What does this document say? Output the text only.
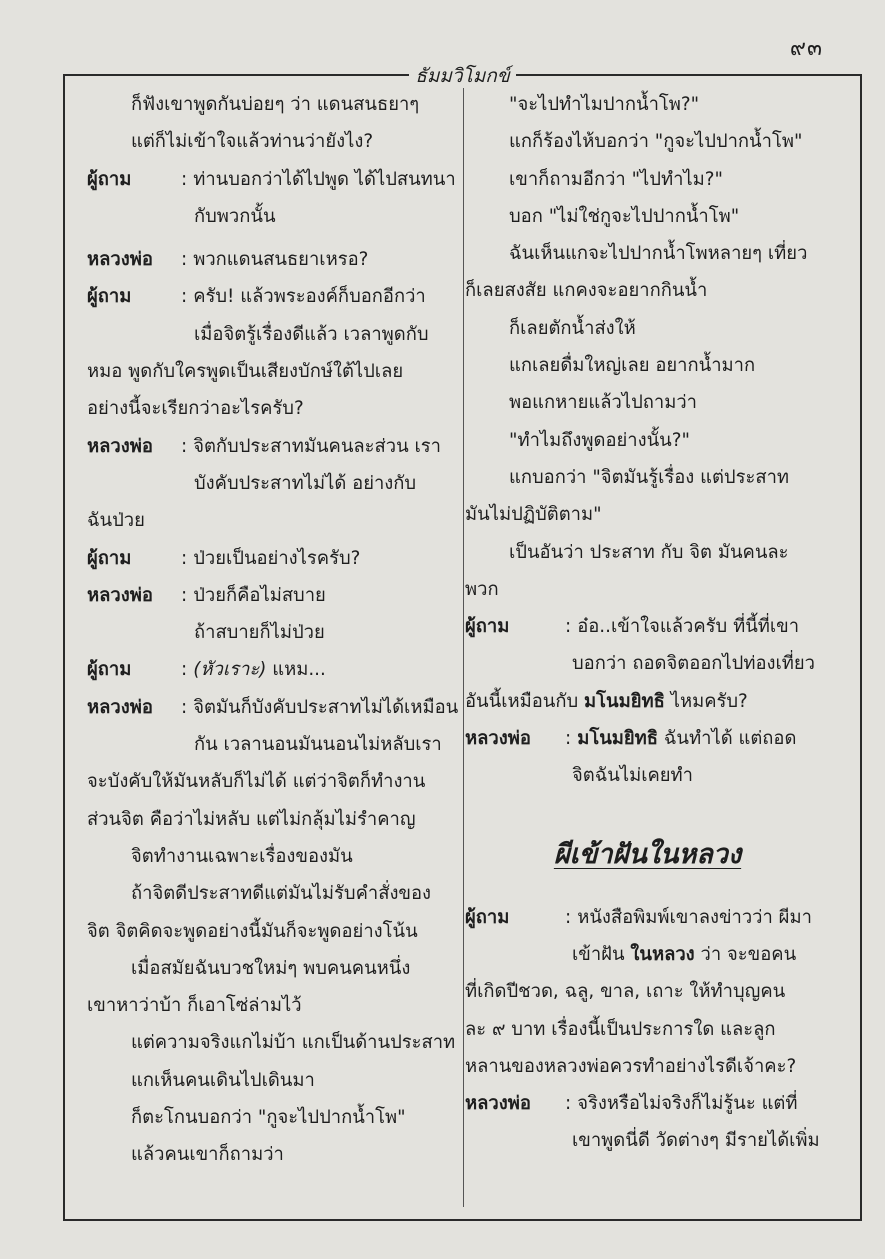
๙๓
ธัมมวิโมกข์
ก็ฟังเขาพูดกันบ่อยๆ ว่า แดนสนธยาๆ
แต่ก็ไม่เข้าใจแล้วท่านว่ายังไง?
ผู้ถาม	: ท่านบอกว่าได้ไปพูด ได้ไปสนทนา
กับพวกนั้น
หลวงพ่อ : พวกแดนสนธยาเหรอ?
ผู้ถาม	: ครับ! แล้วพระองค์ก็บอกอีกว่า
เมื่อจิตรู้เรื่องดีแล้ว เวลาพูดกับ
หมอ พูดกับใครพูดเป็นเสียงบักษ์ใต้ไปเลย
อย่างนี้จะเรียกว่าอะไรครับ?
หลวงพ่อ : จิตกับประสาทมันคนละส่วน เรา
บังคับประสาทไม่ได้ อย่างกับ
ฉันป่วย
ผู้ถาม	: ป่วยเป็นอย่างไรครับ?
หลวงพ่อ : ป่วยก็คือไม่สบาย
ถ้าสบายก็ไม่ป่วย
ผู้ถาม	: (หัวเราะ) แหม...
หลวงพ่อ : จิตมันก็บังคับประสาทไม่ได้เหมือน
กัน เวลานอนมันนอนไม่หลับเรา
จะบังคับให้มันหลับก็ไม่ได้ แต่ว่าจิตก็ทำงาน
ส่วนจิต คือว่าไม่หลับ แต่ไม่กลุ้มไม่รำคาญ
จิตทำงานเฉพาะเรื่องของมัน
ถ้าจิตดีประสาทดีแต่มันไม่รับคำสั่งของ
จิต จิตคิดจะพูดอย่างนี้มันก็จะพูดอย่างโน้น
เมื่อสมัยฉันบวชใหม่ๆ พบคนคนหนึ่ง
เขาหาว่าบ้า ก็เอาโซ่ล่ามไว้
แต่ความจริงแกไม่บ้า แกเป็นด้านประสาท
แกเห็นคนเดินไปเดินมา
ก็ตะโกนบอกว่า "กูจะไปปากน้ำโพ"
แล้วคนเขาก็ถามว่า
"จะไปทำไมปากน้ำโพ?"
แกก็ร้องไห้บอกว่า "กูจะไปปากน้ำโพ"
เขาก็ถามอีกว่า "ไปทำไม?"
บอก "ไม่ใช่กูจะไปปากน้ำโพ"
ฉันเห็นแกจะไปปากน้ำโพหลายๆ เที่ยว
ก็เลยสงสัย แกคงจะอยากกินน้ำ
ก็เลยตักน้ำส่งให้
แกเลยดื่มใหญ่เลย อยากน้ำมาก
พอแกหายแล้วไปถามว่า
"ทำไมถึงพูดอย่างนั้น?"
แกบอกว่า "จิตมันรู้เรื่อง แต่ประสาท
มันไม่ปฏิบัติตาม"
เป็นอันว่า ประสาท กับ จิต มันคนละ
พวก
ผู้ถาม	: อ๋อ..เข้าใจแล้วครับ ที่นี้ที่เขา
บอกว่า ถอดจิตออกไปท่องเที่ยว
อันนี้เหมือนกับ มโนมยิทธิ ไหมครับ?
หลวงพ่อ : มโนมยิทธิ ฉันทำได้ แต่ถอด
จิตฉันไม่เคยทำ
ผีเข้าฝันในหลวง
ผู้ถาม	: หนังสือพิมพ์เขาลงข่าวว่า ผีมา
เข้าฝัน ในหลวง ว่า จะขอคน
ที่เกิดปีชวด, ฉลู, ขาล, เถาะ ให้ทำบุญคน
ละ ๙ บาท เรื่องนี้เป็นประการใด และลูก
หลานของหลวงพ่อควรทำอย่างไรดีเจ้าคะ?
หลวงพ่อ : จริงหรือไม่จริงก็ไม่รู้นะ แต่ที่
เขาพูดนี่ดี วัดต่างๆ มีรายได้เพิ่ม
